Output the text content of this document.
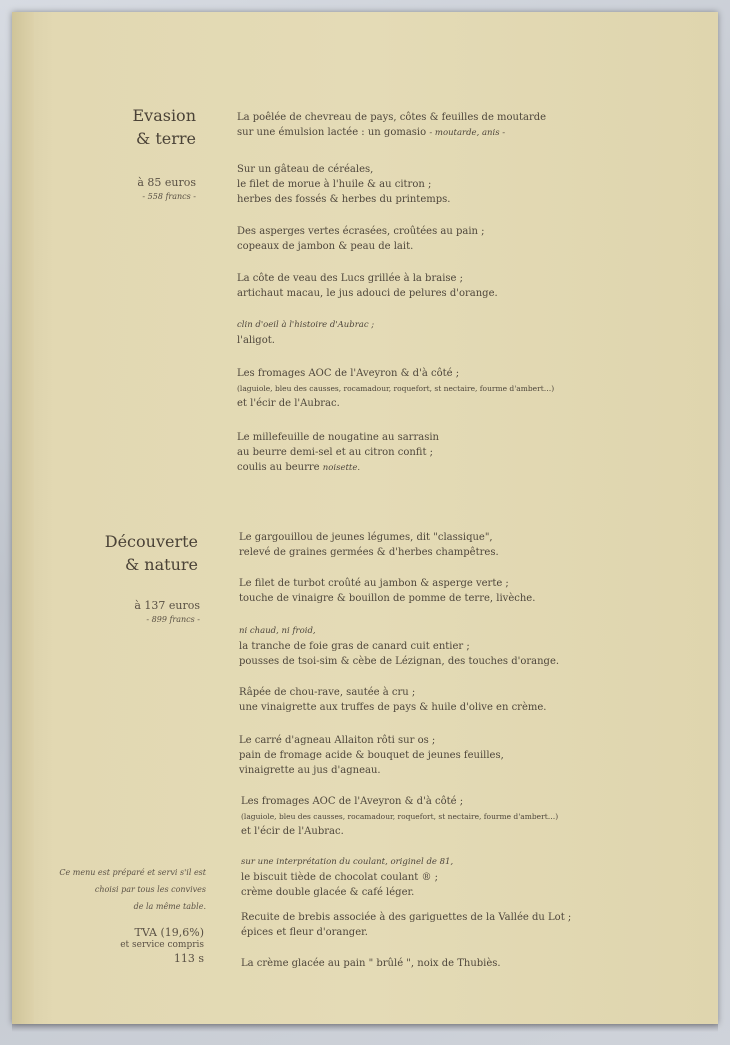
Evasion
& terre
à 85 euros
- 558 francs -
Découverte
& nature
à 137 euros
- 899 francs -
Ce menu est préparé et servi s'il est
choisi par tous les convives
de la même table.
TVA (19,6%)
et service compris
113 s
La poêlée de chevreau de pays, côtes & feuilles de moutarde
sur une émulsion lactée : un gomasio - moutarde, anis -
Sur un gâteau de céréales,
le filet de morue à l'huile & au citron ;
herbes des fossés & herbes du printemps.
Des asperges vertes écrasées, croûtées au pain ;
copeaux de jambon & peau de lait.
La côte de veau des Lucs grillée à la braise ;
artichaut macau, le jus adouci de pelures d'orange.
clin d'oeil à l'histoire d'Aubrac ;
l'aligot.
Les fromages AOC de l'Aveyron & d'à côté ;
(laguiole, bleu des causses, rocamadour, roquefort, st nectaire, fourme d'ambert…)
et l'écir de l'Aubrac.
Le millefeuille de nougatine au sarrasin
au beurre demi-sel et au citron confit ;
coulis au beurre noisette.
Le gargouillou de jeunes légumes, dit "classique",
relevé de graines germées & d'herbes champêtres.
Le filet de turbot croûté au jambon & asperge verte ;
touche de vinaigre & bouillon de pomme de terre, livèche.
ni chaud, ni froid,
la tranche de foie gras de canard cuit entier ;
pousses de tsoi-sim & cèbe de Lézignan, des touches d'orange.
Râpée de chou-rave, sautée à cru ;
une vinaigrette aux truffes de pays & huile d'olive en crème.
Le carré d'agneau Allaiton rôti sur os ;
pain de fromage acide & bouquet de jeunes feuilles,
vinaigrette au jus d'agneau.
Les fromages AOC de l'Aveyron & d'à côté ;
(laguiole, bleu des causses, rocamadour, roquefort, st nectaire, fourme d'ambert…)
et l'écir de l'Aubrac.
sur une interprétation du coulant, originel de 81,
le biscuit tiède de chocolat coulant ® ;
crème double glacée & café léger.
Recuite de brebis associée à des gariguettes de la Vallée du Lot ;
épices et fleur d'oranger.
La crème glacée au pain " brûlé ", noix de Thubiès.
